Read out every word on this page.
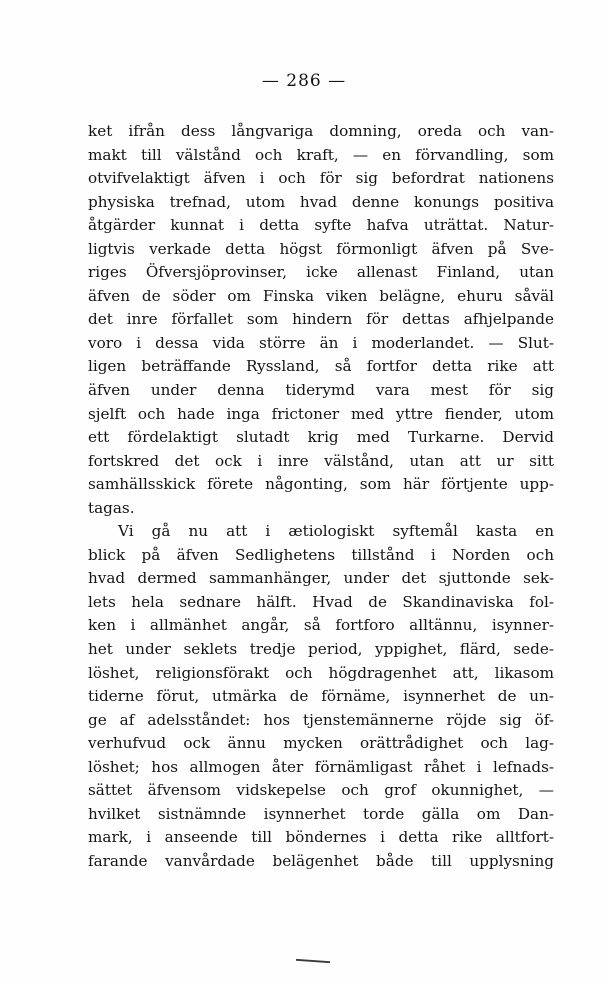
— 286 —
ket ifrån dess långvariga domning, oreda och van-
makt till välstånd och kraft, — en förvandling, som
otvifvelaktigt äfven i och för sig befordrat nationens
physiska trefnad, utom hvad denne konungs positiva
åtgärder kunnat i detta syfte hafva uträttat. Natur-
ligtvis verkade detta högst förmonligt äfven på Sve-
riges Öfversjöprovinser, icke allenast Finland, utan
äfven de söder om Finska viken belägne, ehuru såväl
det inre förfallet som hindern för dettas afhjelpande
voro i dessa vida större än i moderlandet. — Slut-
ligen beträffande Ryssland, så fortfor detta rike att
äfven under denna tiderymd vara mest för sig
sjelft och hade inga frictoner med yttre fiender, utom
ett fördelaktigt slutadt krig med Turkarne. Dervid
fortskred det ock i inre välstånd, utan att ur sitt
samhällsskick förete någonting, som här förtjente upp-
tagas.
Vi gå nu att i ætiologiskt syftemål kasta en
blick på äfven Sedlighetens tillstånd i Norden och
hvad dermed sammanhänger, under det sjuttonde sek-
lets hela sednare hälft. Hvad de Skandinaviska fol-
ken i allmänhet angår, så fortforo alltännu, isynner-
het under seklets tredje period, yppighet, flärd, sede-
löshet, religionsförakt och högdragenhet att, likasom
tiderne förut, utmärka de förnäme, isynnerhet de un-
ge af adelsståndet: hos tjenstemännerne röjde sig öf-
verhufvud ock ännu mycken orättrådighet och lag-
löshet; hos allmogen åter förnämligast råhet i lefnads-
sättet äfvensom vidskepelse och grof okunnighet, —
hvilket sistnämnde isynnerhet torde gälla om Dan-
mark, i anseende till böndernes i detta rike alltfort-
farande vanvårdade belägenhet både till upplysning
